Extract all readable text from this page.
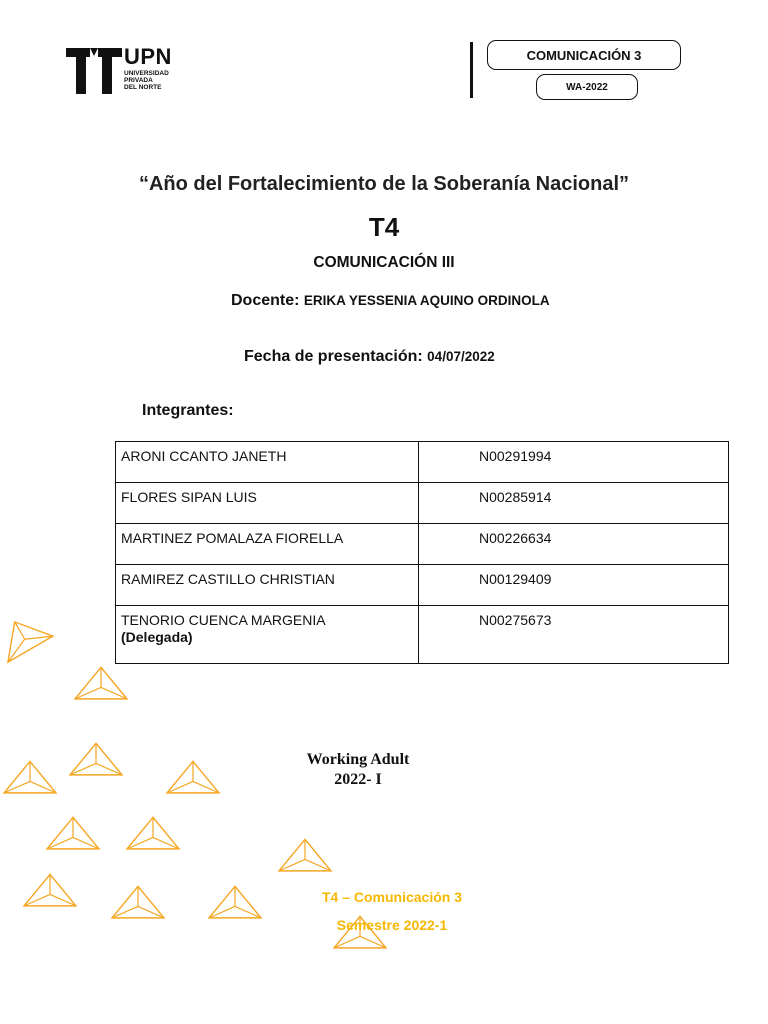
UPN
UNIVERSIDAD
PRIVADA
DEL NORTE
COMUNICACIÓN 3
WA-2022
“Año del Fortalecimiento de la Soberanía Nacional”
T4
COMUNICACIÓN III
Docente: ERIKA YESSENIA AQUINO ORDINOLA
Fecha de presentación: 04/07/2022
Integrantes:
ARONI CCANTO JANETH	N00291994
FLORES SIPAN LUIS	N00285914
MARTINEZ POMALAZA FIORELLA	N00226634
RAMIREZ CASTILLO CHRISTIAN	N00129409
TENORIO CUENCA MARGENIA
(Delegada)	N00275673
Working Adult
2022- I
T4 – Comunicación 3
Semestre 2022-1
